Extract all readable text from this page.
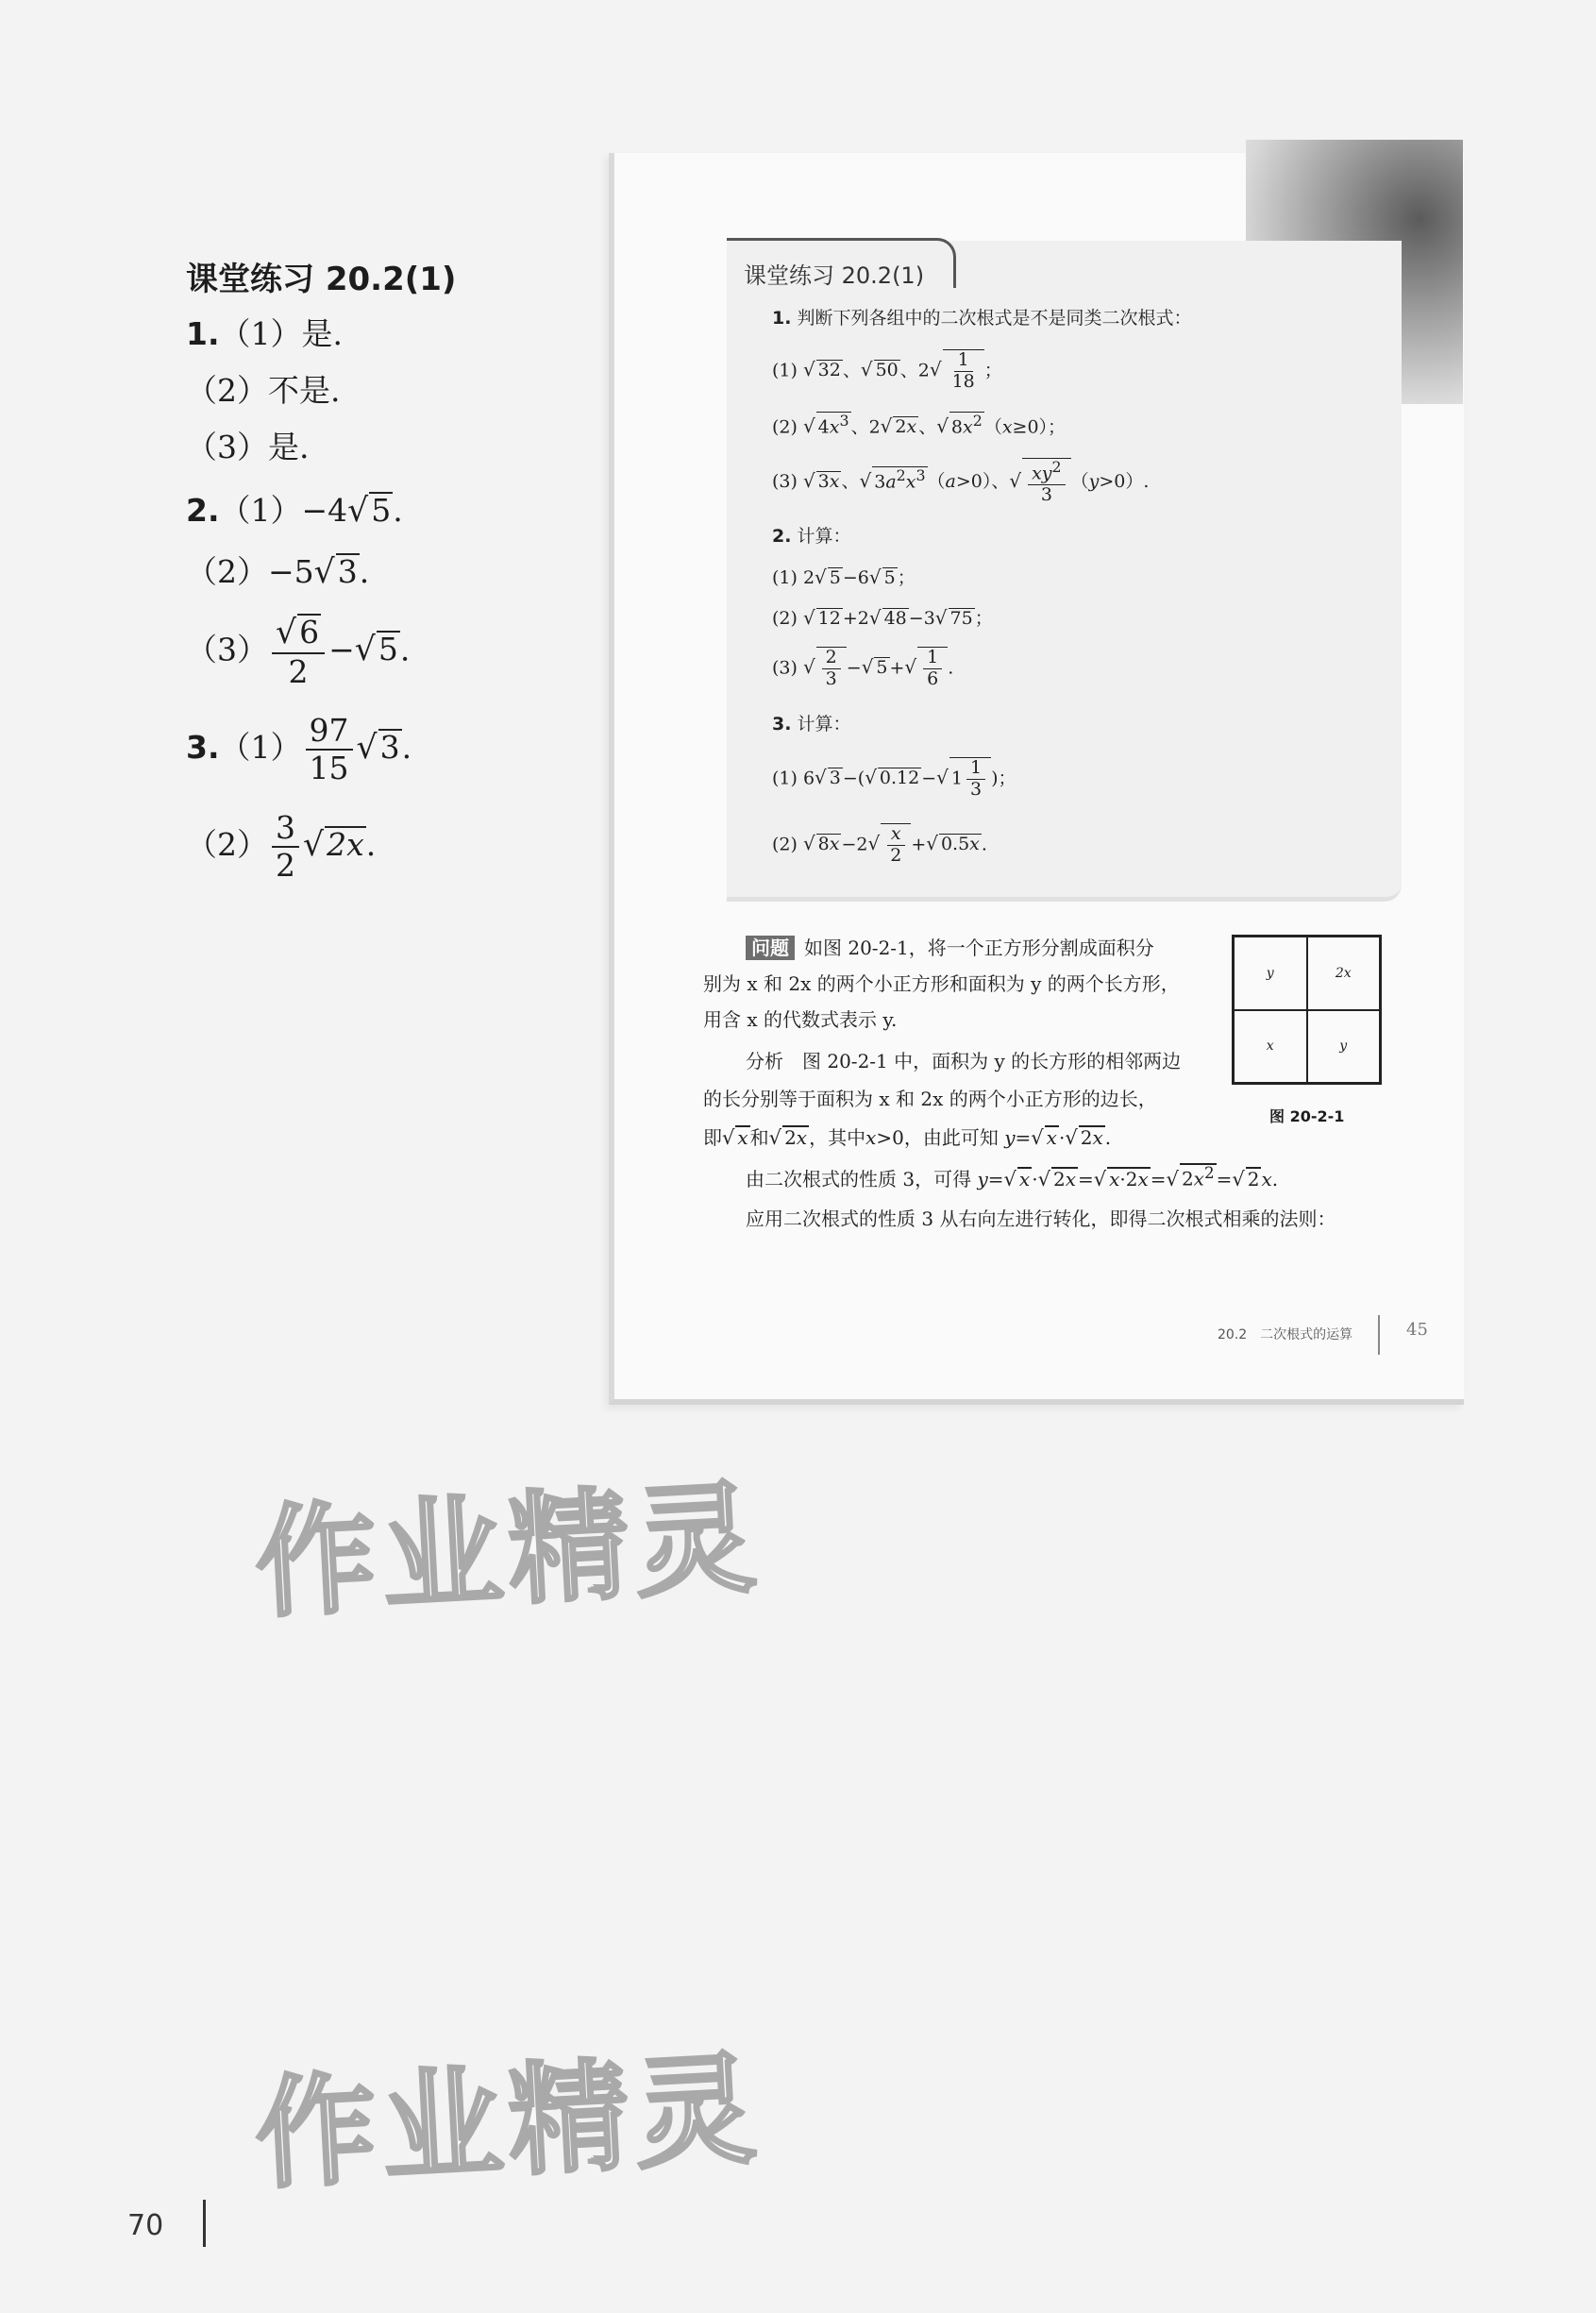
课堂练习 20.2(1)
1.（1）是.
（2）不是.
（3）是.
2.（1）−4√5.
（2）−5√3.
$(3) \frac{√6}{2} -√5$.
$3.(1) \frac{97}{15} √3$.
$(2) \frac{3}{2} √2x$.
课堂练习 20.2(1)
1. 判断下列各组中的二次根式是不是同类二次根式：
(1) √ 32 、√ 50 、$2√ \frac{1}{18}$ ；
(2) √ $4x^3$ 、2√ 2x 、√ $8x^2$ （x≥0）；
(3) √ 3x 、√ $3a^2x^3$ （a>0）、√ $\frac{xy^2}{3} (y>0)$.
2. 计算：
(1) 2√ 5 −6√ 5 ；
(2) √ 12 +2√ 48 −3√ 75 ；
(3) √ $\frac{2}{3}$ −√ 5 +√ $\frac{1}{6}$ .
3. 计算：
(1) 6√ 3 −(√ 0.12 −√ $1 \frac{1}{3}$ )；
(2) √ $8x -2√ \frac{x}{2}$ +√ 0.5x .
问题 如图 20-2-1，将一个正方形分割成面积分
别为 x 和 2x 的两个小正方形和面积为 y 的两个长方形，
用含 x 的代数式表示 y.
分析　图 20-2-1 中，面积为 y 的长方形的相邻两边
的长分别等于面积为 x 和 2x 的两个小正方形的边长，
即√ x 和√ 2x ，其中x>0，由此可知 y=√ x ·√ 2x .
由二次根式的性质 3，可得 y=√ x ·√ 2x =√ x·2x =√ $2x^2$ =√ 2 x.
应用二次根式的性质 3 从右向左进行转化，即得二次根式相乘的法则：
y	2x
x	y
图 20-2-1
20.2　二次根式的运算	45
作业精灵
作业精灵
70
